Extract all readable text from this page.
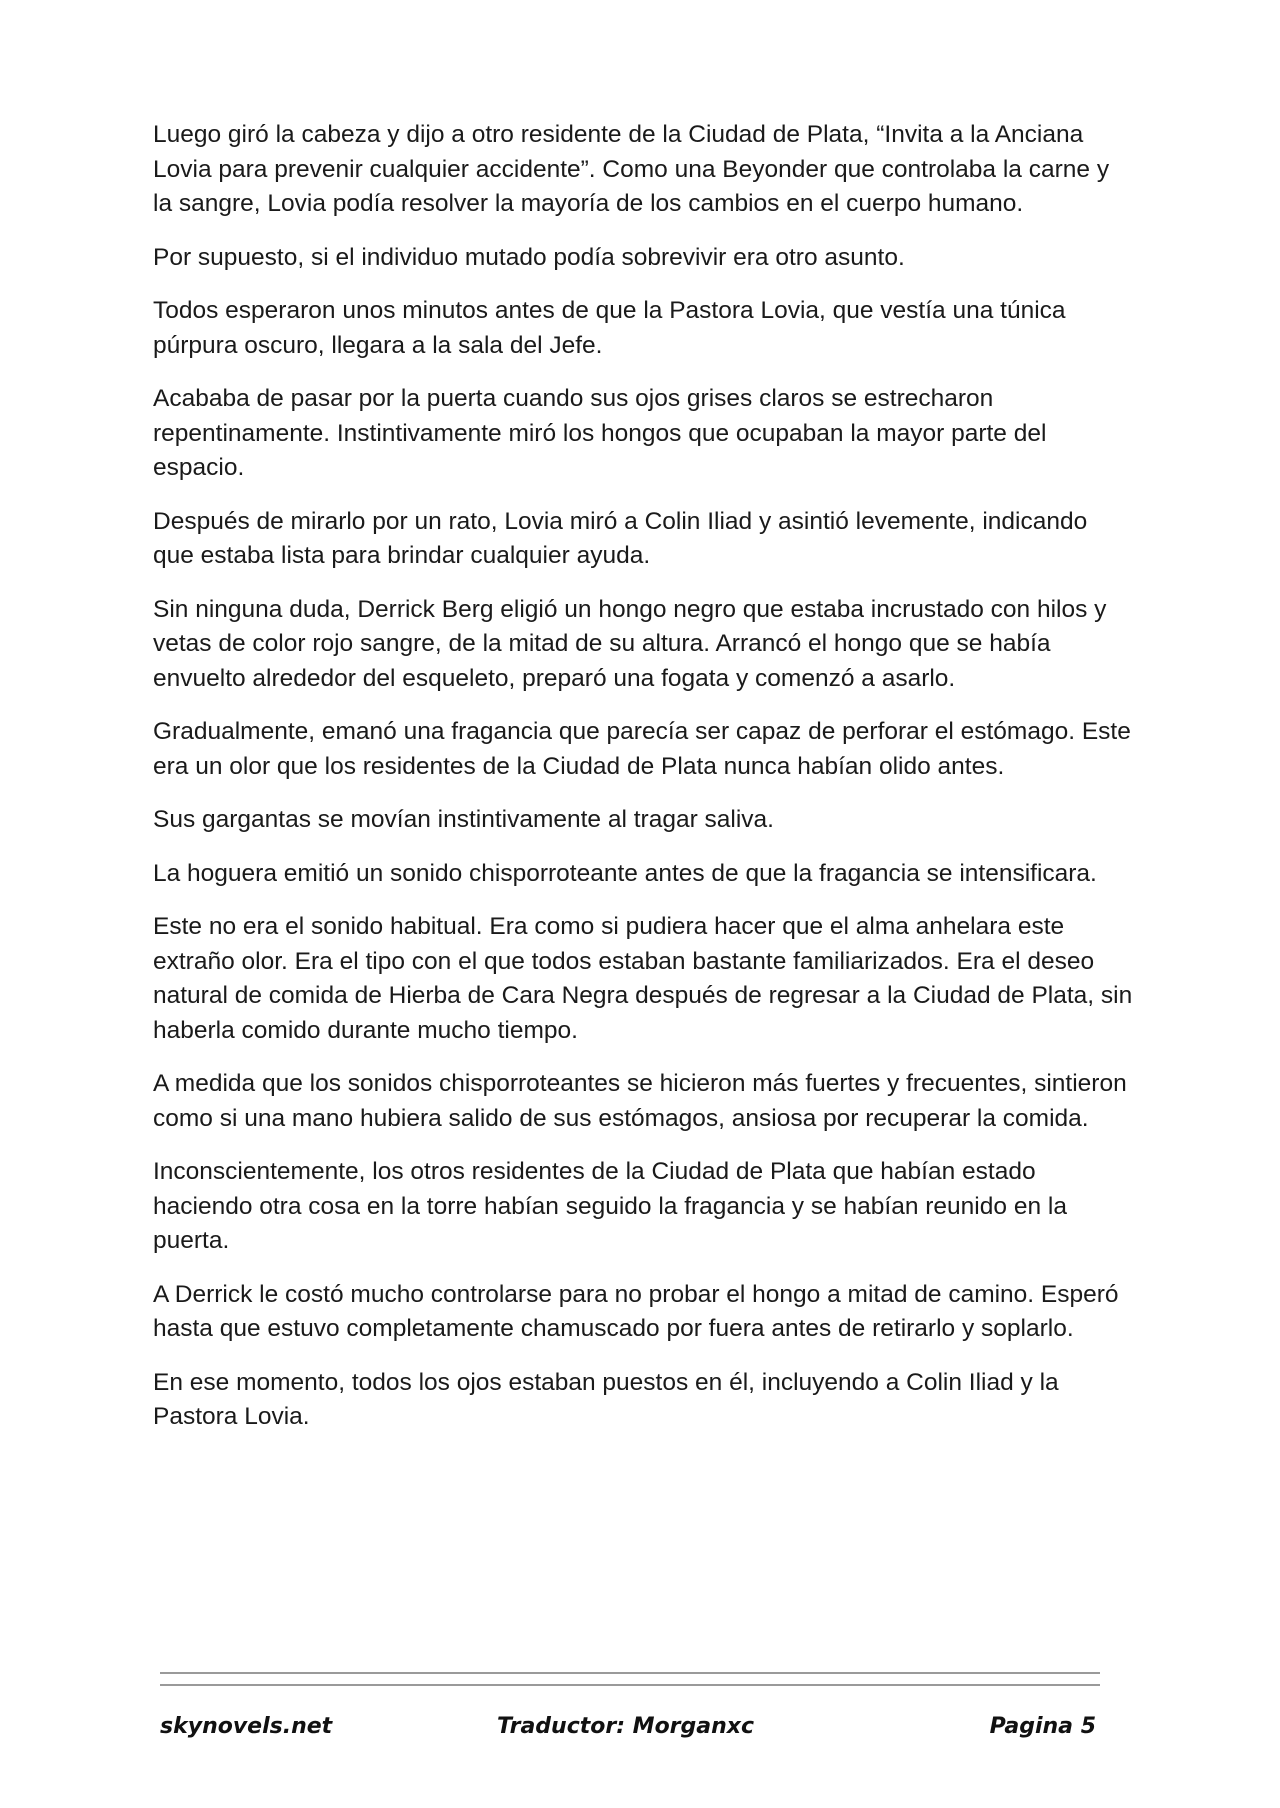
Luego giró la cabeza y dijo a otro residente de la Ciudad de Plata, “Invita a la Anciana Lovia para prevenir cualquier accidente”. Como una Beyonder que controlaba la carne y la sangre, Lovia podía resolver la mayoría de los cambios en el cuerpo humano.

Por supuesto, si el individuo mutado podía sobrevivir era otro asunto.

Todos esperaron unos minutos antes de que la Pastora Lovia, que vestía una túnica púrpura oscuro, llegara a la sala del Jefe.

Acababa de pasar por la puerta cuando sus ojos grises claros se estrecharon repentinamente. Instintivamente miró los hongos que ocupaban la mayor parte del espacio.

Después de mirarlo por un rato, Lovia miró a Colin Iliad y asintió levemente, indicando que estaba lista para brindar cualquier ayuda.

Sin ninguna duda, Derrick Berg eligió un hongo negro que estaba incrustado con hilos y vetas de color rojo sangre, de la mitad de su altura. Arrancó el hongo que se había envuelto alrededor del esqueleto, preparó una fogata y comenzó a asarlo.

Gradualmente, emanó una fragancia que parecía ser capaz de perforar el estómago. Este era un olor que los residentes de la Ciudad de Plata nunca habían olido antes.

Sus gargantas se movían instintivamente al tragar saliva.

La hoguera emitió un sonido chisporroteante antes de que la fragancia se intensificara.

Este no era el sonido habitual. Era como si pudiera hacer que el alma anhelara este extraño olor. Era el tipo con el que todos estaban bastante familiarizados. Era el deseo natural de comida de Hierba de Cara Negra después de regresar a la Ciudad de Plata, sin haberla comido durante mucho tiempo.

A medida que los sonidos chisporroteantes se hicieron más fuertes y frecuentes, sintieron como si una mano hubiera salido de sus estómagos, ansiosa por recuperar la comida.

Inconscientemente, los otros residentes de la Ciudad de Plata que habían estado haciendo otra cosa en la torre habían seguido la fragancia y se habían reunido en la puerta.

A Derrick le costó mucho controlarse para no probar el hongo a mitad de camino. Esperó hasta que estuvo completamente chamuscado por fuera antes de retirarlo y soplarlo.

En ese momento, todos los ojos estaban puestos en él, incluyendo a Colin Iliad y la Pastora Lovia.

skynovels.net	Traductor: Morganxc	Pagina 5
